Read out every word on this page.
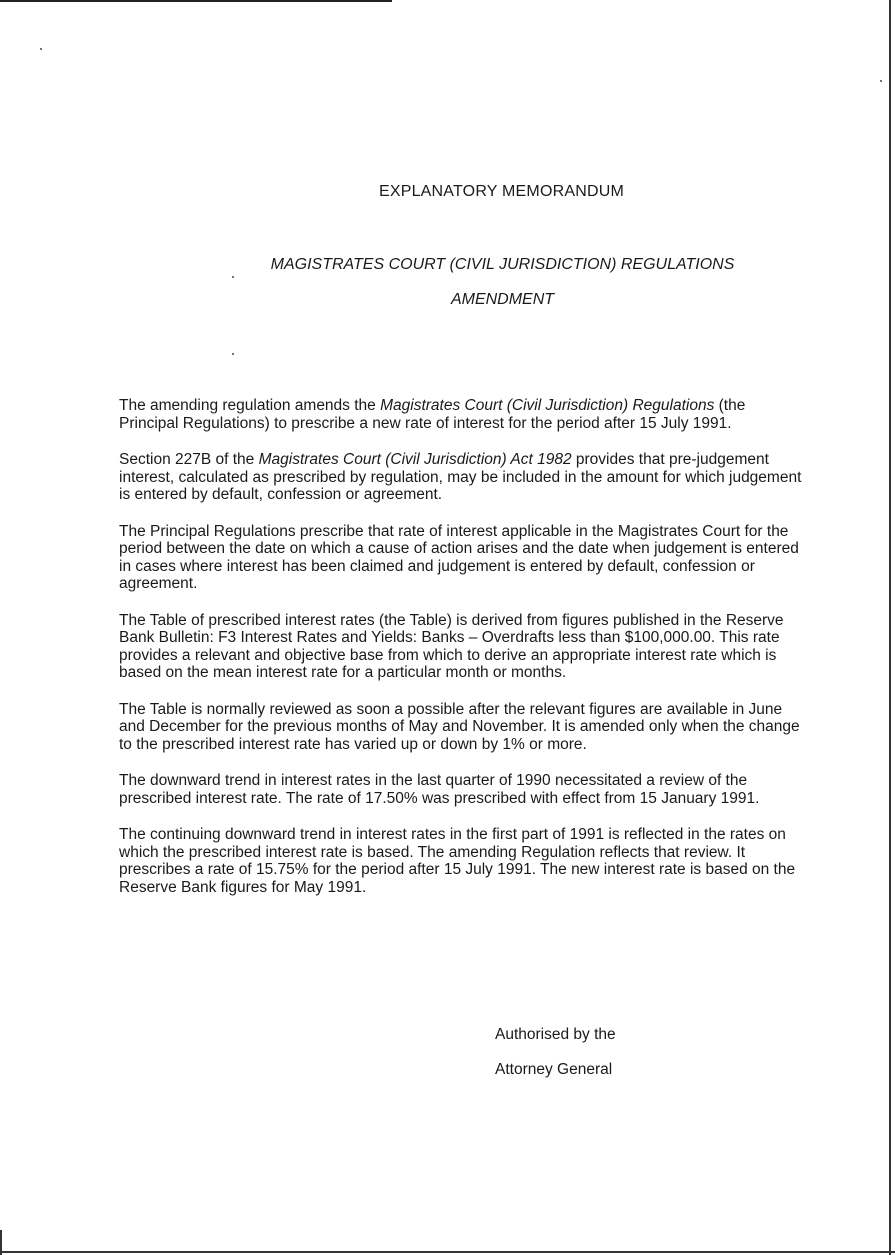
EXPLANATORY MEMORANDUM
MAGISTRATES COURT (CIVIL JURISDICTION) REGULATIONS
AMENDMENT

The amending regulation amends the Magistrates Court (Civil Jurisdiction) Regulations (the Principal Regulations) to prescribe a new rate of interest for the period after 15 July 1991.

Section 227B of the Magistrates Court (Civil Jurisdiction) Act 1982 provides that pre-judgement interest, calculated as prescribed by regulation, may be included in the amount for which judgement is entered by default, confession or agreement.

The Principal Regulations prescribe that rate of interest applicable in the Magistrates Court for the period between the date on which a cause of action arises and the date when judgement is entered in cases where interest has been claimed and judgement is entered by default, confession or agreement.

The Table of prescribed interest rates (the Table) is derived from figures published in the Reserve Bank Bulletin: F3 Interest Rates and Yields: Banks – Overdrafts less than $100,000.00. This rate provides a relevant and objective base from which to derive an appropriate interest rate which is based on the mean interest rate for a particular month or months.

The Table is normally reviewed as soon a possible after the relevant figures are available in June and December for the previous months of May and November. It is amended only when the change to the prescribed interest rate has varied up or down by 1% or more.

The downward trend in interest rates in the last quarter of 1990 necessitated a review of the prescribed interest rate. The rate of 17.50% was prescribed with effect from 15 January 1991.

The continuing downward trend in interest rates in the first part of 1991 is reflected in the rates on which the prescribed interest rate is based. The amending Regulation reflects that review. It prescribes a rate of 15.75% for the period after 15 July 1991. The new interest rate is based on the Reserve Bank figures for May 1991.

Authorised by the
Attorney General
